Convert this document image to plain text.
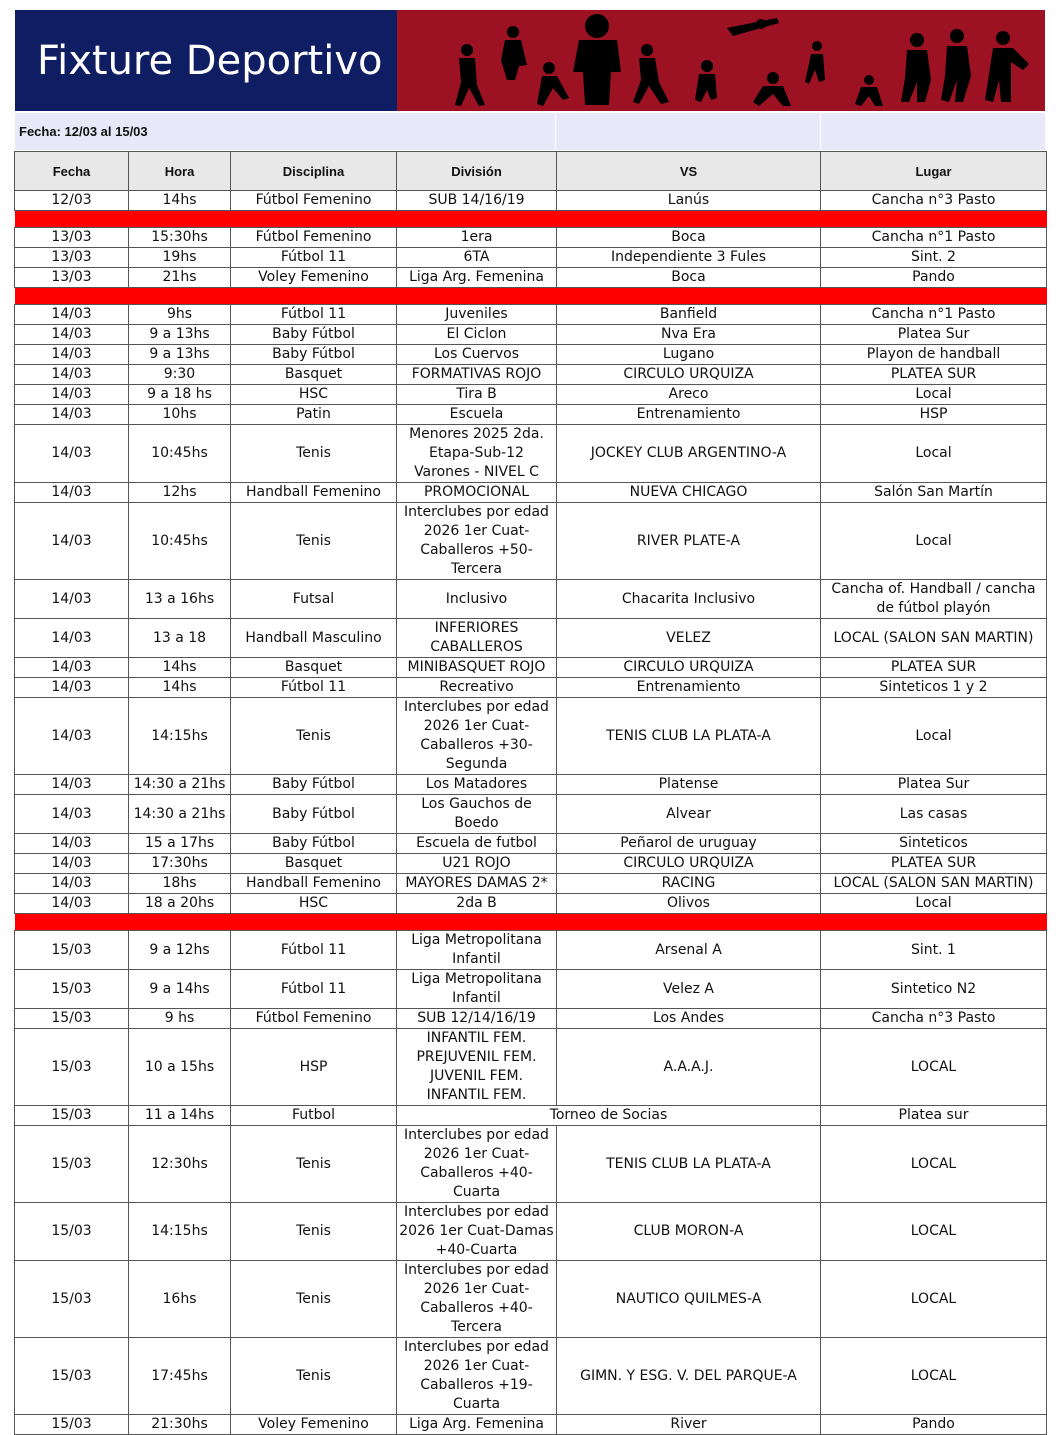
Fixture Deportivo
Fecha: 12/03 al 15/03
Fecha	Hora	Disciplina	División	VS	Lugar
12/03	14hs	Fútbol Femenino	SUB 14/16/19	Lanús	Cancha n°3 Pasto

13/03	15:30hs	Fútbol Femenino	1era	Boca	Cancha n°1 Pasto
13/03	19hs	Fútbol 11	6TA	Independiente 3 Fules	Sint. 2
13/03	21hs	Voley Femenino	Liga Arg. Femenina	Boca	Pando

14/03	9hs	Fútbol 11	Juveniles	Banfield	Cancha n°1 Pasto
14/03	9 a 13hs	Baby Fútbol	El Ciclon	Nva Era	Platea Sur
14/03	9 a 13hs	Baby Fútbol	Los Cuervos	Lugano	Playon de handball
14/03	9:30	Basquet	FORMATIVAS ROJO	CIRCULO URQUIZA	PLATEA SUR
14/03	9 a 18 hs	HSC	Tira B	Areco	Local
14/03	10hs	Patin	Escuela	Entrenamiento	HSP
14/03	10:45hs	Tenis	Menores 2025 2da. Etapa-Sub-12 Varones - NIVEL C	JOCKEY CLUB ARGENTINO-A	Local
14/03	12hs	Handball Femenino	PROMOCIONAL	NUEVA CHICAGO	Salón San Martín
14/03	10:45hs	Tenis	Interclubes por edad 2026 1er Cuat-Caballeros +50-Tercera	RIVER PLATE-A	Local
14/03	13 a 16hs	Futsal	Inclusivo	Chacarita Inclusivo	Cancha of. Handball / cancha de fútbol playón
14/03	13 a 18	Handball Masculino	INFERIORES CABALLEROS	VELEZ	LOCAL (SALON SAN MARTIN)
14/03	14hs	Basquet	MINIBASQUET ROJO	CIRCULO URQUIZA	PLATEA SUR
14/03	14hs	Fútbol 11	Recreativo	Entrenamiento	Sinteticos 1 y 2
14/03	14:15hs	Tenis	Interclubes por edad 2026 1er Cuat-Caballeros +30-Segunda	TENIS CLUB LA PLATA-A	Local
14/03	14:30 a 21hs	Baby Fútbol	Los Matadores	Platense	Platea Sur
14/03	14:30 a 21hs	Baby Fútbol	Los Gauchos de Boedo	Alvear	Las casas
14/03	15 a 17hs	Baby Fútbol	Escuela de futbol	Peñarol de uruguay	Sinteticos
14/03	17:30hs	Basquet	U21 ROJO	CIRCULO URQUIZA	PLATEA SUR
14/03	18hs	Handball Femenino	MAYORES DAMAS 2*	RACING	LOCAL (SALON SAN MARTIN)
14/03	18 a 20hs	HSC	2da B	Olivos	Local

15/03	9 a 12hs	Fútbol 11	Liga Metropolitana Infantil	Arsenal A	Sint. 1
15/03	9 a 14hs	Fútbol 11	Liga Metropolitana Infantil	Velez A	Sintetico N2
15/03	9 hs	Fútbol Femenino	SUB 12/14/16/19	Los Andes	Cancha n°3 Pasto
15/03	10 a 15hs	HSP	INFANTIL FEM. PREJUVENIL FEM. JUVENIL FEM. INFANTIL FEM.	A.A.A.J.	LOCAL
15/03	11 a 14hs	Futbol	Torneo de Socias		Platea sur
15/03	12:30hs	Tenis	Interclubes por edad 2026 1er Cuat-Caballeros +40-Cuarta	TENIS CLUB LA PLATA-A	LOCAL
15/03	14:15hs	Tenis	Interclubes por edad 2026 1er Cuat-Damas +40-Cuarta	CLUB MORON-A	LOCAL
15/03	16hs	Tenis	Interclubes por edad 2026 1er Cuat-Caballeros +40-Tercera	NAUTICO QUILMES-A	LOCAL
15/03	17:45hs	Tenis	Interclubes por edad 2026 1er Cuat-Caballeros +19-Cuarta	GIMN. Y ESG. V. DEL PARQUE-A	LOCAL
15/03	21:30hs	Voley Femenino	Liga Arg. Femenina	River	Pando
